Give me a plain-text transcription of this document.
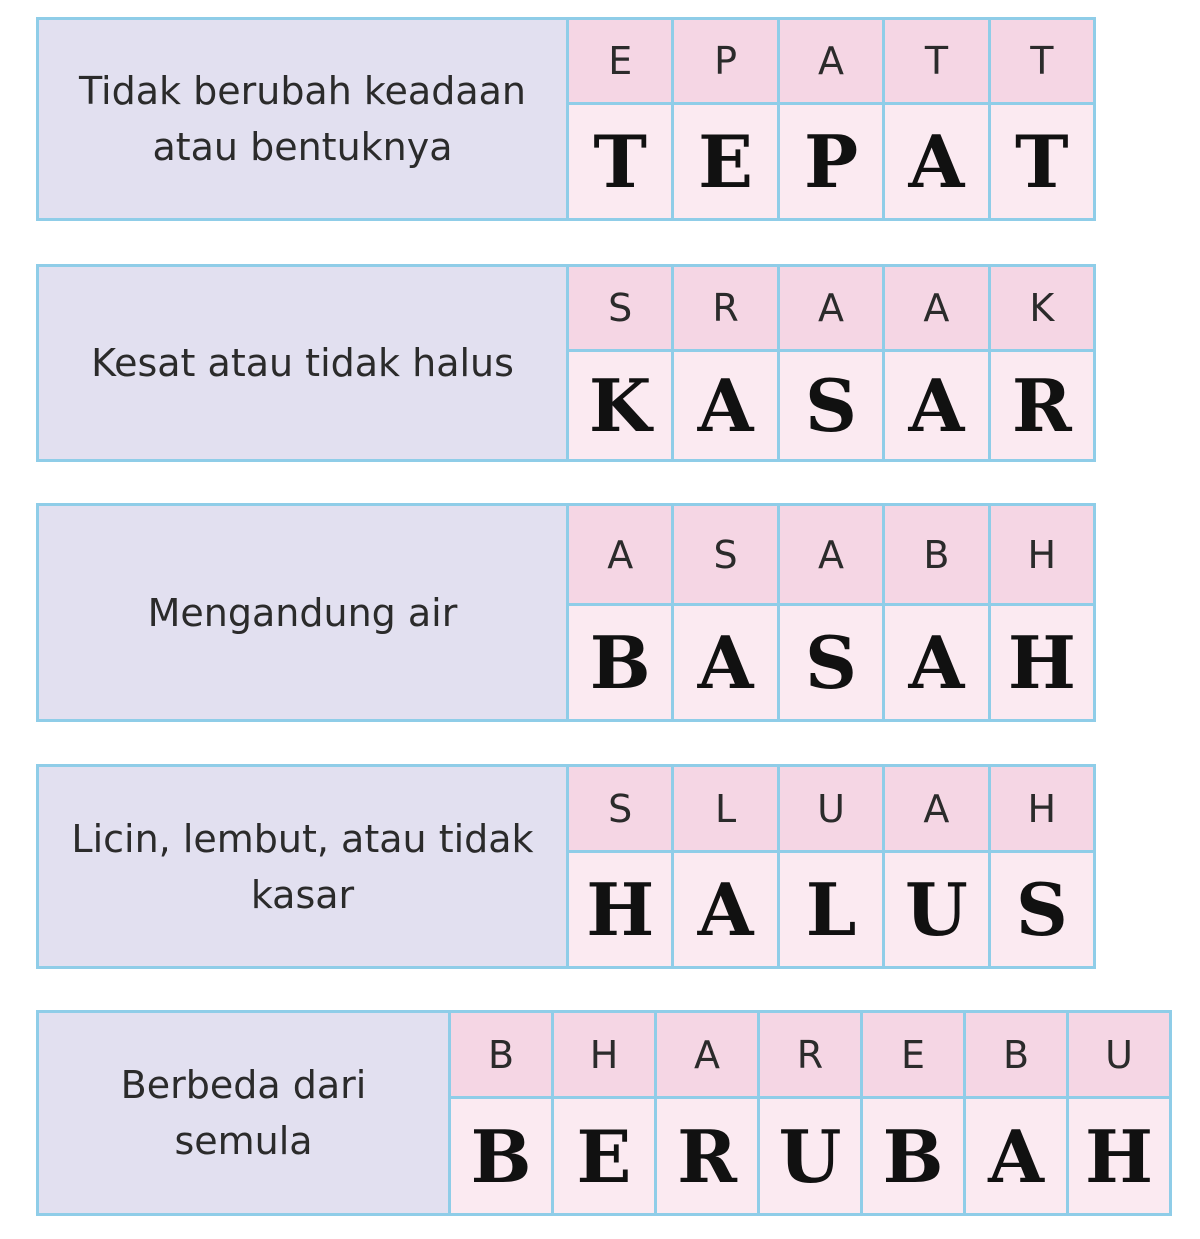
Tidak berubah keadaan
atau bentuknya
E	P	A	T	T
T E P A T
Kesat atau tidak halus
S	R	A	A	K
K A S A R
Mengandung air
A	S	A	B	H
B A S A H
Licin, lembut, atau tidak
kasar
S	L	U	A	H
H A L U S
Berbeda dari
semula
B	H	A	R	E	B	U
B E R U B A H
